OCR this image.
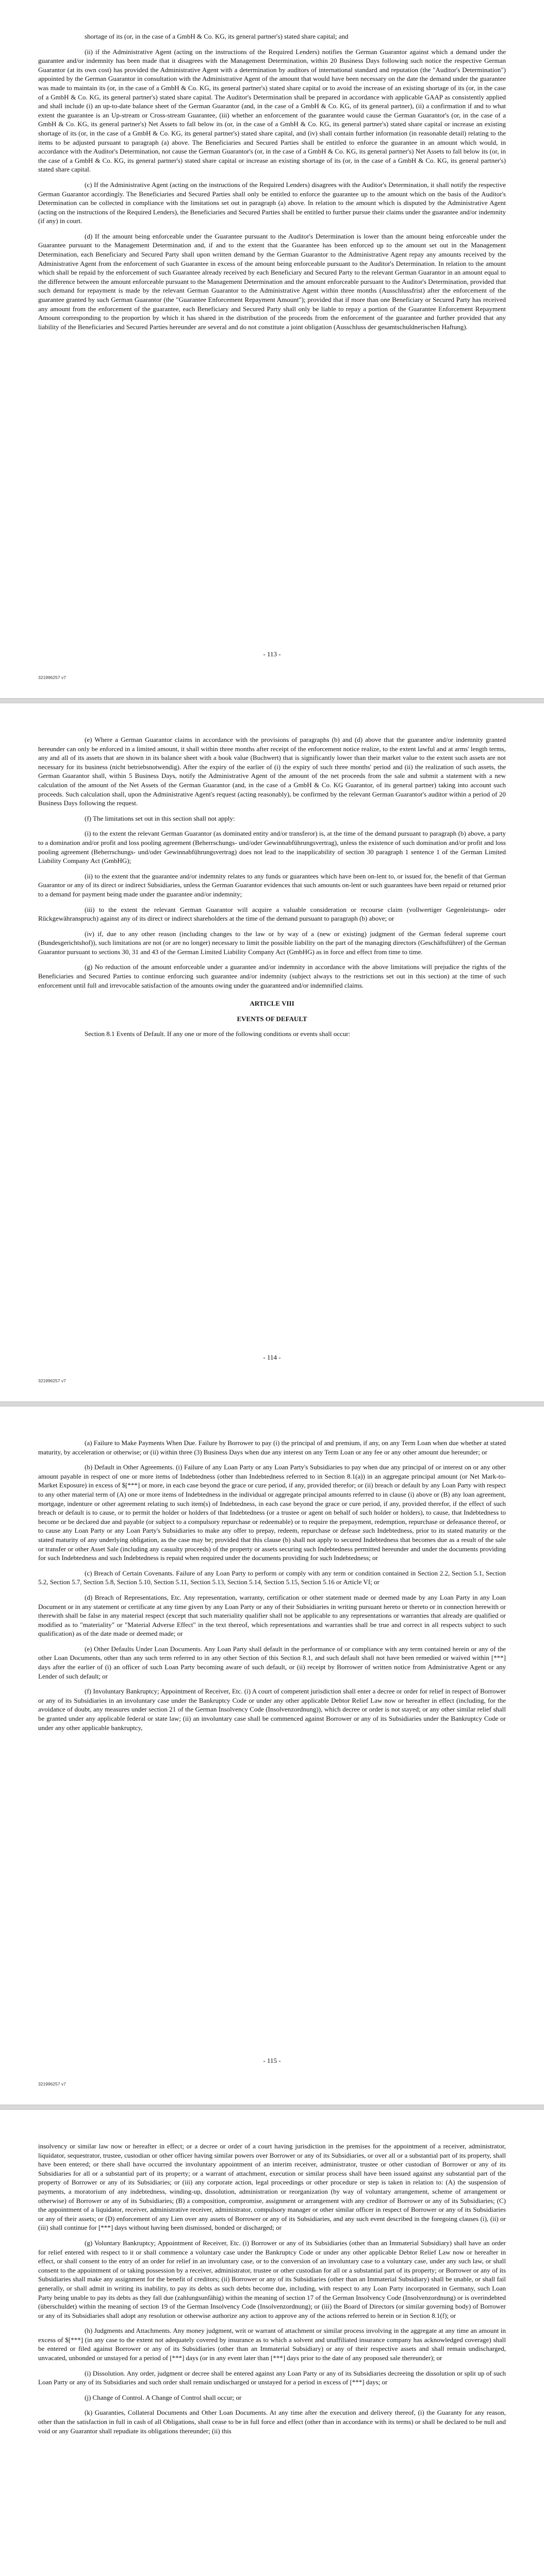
shortage of its (or, in the case of a GmbH & Co. KG, its general partner's) stated share capital; and

(ii) if the Administrative Agent (acting on the instructions of the Required Lenders) notifies the German Guarantor against which a demand under the guarantee and/or indemnity has been made that it disagrees with the Management Determination, within 20 Business Days following such notice the respective German Guarantor (at its own cost) has provided the Administrative Agent with a determination by auditors of international standard and reputation (the "Auditor's Determination") appointed by the German Guarantor in consultation with the Administrative Agent of the amount that would have been necessary on the date the demand under the guarantee was made to maintain its (or, in the case of a GmbH & Co. KG, its general partner's) stated share capital or to avoid the increase of an existing shortage of its (or, in the case of a GmbH & Co. KG, its general partner's) stated share capital. The Auditor's Determination shall be prepared in accordance with applicable GAAP as consistently applied and shall include (i) an up-to-date balance sheet of the German Guarantor (and, in the case of a GmbH & Co. KG, of its general partner), (ii) a confirmation if and to what extent the guarantee is an Up-stream or Cross-stream Guarantee, (iii) whether an enforcement of the guarantee would cause the German Guarantor's (or, in the case of a GmbH & Co. KG, its general partner's) Net Assets to fall below its (or, in the case of a GmbH & Co. KG, its general partner's) stated share capital or increase an existing shortage of its (or, in the case of a GmbH & Co. KG, its general partner's) stated share capital, and (iv) shall contain further information (in reasonable detail) relating to the items to be adjusted pursuant to paragraph (a) above. The Beneficiaries and Secured Parties shall be entitled to enforce the guarantee in an amount which would, in accordance with the Auditor's Determination, not cause the German Guarantor's (or, in the case of a GmbH & Co. KG, its general partner's) Net Assets to fall below its (or, in the case of a GmbH & Co. KG, its general partner's) stated share capital or increase an existing shortage of its (or, in the case of a GmbH & Co. KG, its general partner's) stated share capital.

(c) If the Administrative Agent (acting on the instructions of the Required Lenders) disagrees with the Auditor's Determination, it shall notify the respective German Guarantor accordingly. The Beneficiaries and Secured Parties shall only be entitled to enforce the guarantee up to the amount which on the basis of the Auditor's Determination can be collected in compliance with the limitations set out in paragraph (a) above. In relation to the amount which is disputed by the Administrative Agent (acting on the instructions of the Required Lenders), the Beneficiaries and Secured Parties shall be entitled to further pursue their claims under the guarantee and/or indemnity (if any) in court.

(d) If the amount being enforceable under the Guarantee pursuant to the Auditor's Determination is lower than the amount being enforceable under the Guarantee pursuant to the Management Determination and, if and to the extent that the Guarantee has been enforced up to the amount set out in the Management Determination, each Beneficiary and Secured Party shall upon written demand by the German Guarantor to the Administrative Agent repay any amounts received by the Administrative Agent from the enforcement of such Guarantee in excess of the amount being enforceable pursuant to the Auditor's Determination. In relation to the amount which shall be repaid by the enforcement of such Guarantee already received by each Beneficiary and Secured Party to the relevant German Guarantor in an amount equal to the difference between the amount enforceable pursuant to the Management Determination and the amount enforceable pursuant to the Auditor's Determination, provided that such demand for repayment is made by the relevant German Guarantor to the Administrative Agent within three months (Ausschlussfrist) after the enforcement of the guarantee granted by such German Guarantor (the "Guarantee Enforcement Repayment Amount"); provided that if more than one Beneficiary or Secured Party has received any amount from the enforcement of the guarantee, each Beneficiary and Secured Party shall only be liable to repay a portion of the Guarantee Enforcement Repayment Amount corresponding to the proportion by which it has shared in the distribution of the proceeds from the enforcement of the guarantee and further provided that any liability of the Beneficiaries and Secured Parties hereunder are several and do not constitute a joint obligation (Ausschluss der gesamtschuldnerischen Haftung).

- 113 -
321996257 v7

(e) Where a German Guarantor claims in accordance with the provisions of paragraphs (b) and (d) above that the guarantee and/or indemnity granted hereunder can only be enforced in a limited amount, it shall within three months after receipt of the enforcement notice realize, to the extent lawful and at arms' length terms, any and all of its assets that are shown in its balance sheet with a book value (Buchwert) that is significantly lower than their market value to the extent such assets are not necessary for its business (nicht betriebsnotwendig). After the expiry of the earlier of (i) the expiry of such three months' period and (ii) the realization of such assets, the German Guarantor shall, within 5 Business Days, notify the Administrative Agent of the amount of the net proceeds from the sale and submit a statement with a new calculation of the amount of the Net Assets of the German Guarantor (and, in the case of a GmbH & Co. KG Guarantor, of its general partner) taking into account such proceeds. Such calculation shall, upon the Administrative Agent's request (acting reasonably), be confirmed by the relevant German Guarantor's auditor within a period of 20 Business Days following the request.

(f) The limitations set out in this section shall not apply:

(i) to the extent the relevant German Guarantor (as dominated entity and/or transferor) is, at the time of the demand pursuant to paragraph (b) above, a party to a domination and/or profit and loss pooling agreement (Beherrschungs- und/oder Gewinnabführungsvertrag), unless the existence of such domination and/or profit and loss pooling agreement (Beherrschungs- und/oder Gewinnabführungsvertrag) does not lead to the inapplicability of section 30 paragraph 1 sentence 1 of the German Limited Liability Company Act (GmbHG);

(ii) to the extent that the guarantee and/or indemnity relates to any funds or guarantees which have been on-lent to, or issued for, the benefit of that German Guarantor or any of its direct or indirect Subsidiaries, unless the German Guarantor evidences that such amounts on-lent or such guarantees have been repaid or returned prior to a demand for payment being made under the guarantee and/or indemnity;

(iii) to the extent the relevant German Guarantor will acquire a valuable consideration or recourse claim (vollwertiger Gegenleistungs- oder Rückgewähranspruch) against any of its direct or indirect shareholders at the time of the demand pursuant to paragraph (b) above; or

(iv) if, due to any other reason (including changes to the law or by way of a (new or existing) judgment of the German federal supreme court (Bundesgerichtshof)), such limitations are not (or are no longer) necessary to limit the possible liability on the part of the managing directors (Geschäftsführer) of the German Guarantor pursuant to sections 30, 31 and 43 of the German Limited Liability Company Act (GmbHG) as in force and effect from time to time.

(g) No reduction of the amount enforceable under a guarantee and/or indemnity in accordance with the above limitations will prejudice the rights of the Beneficiaries and Secured Parties to continue enforcing such guarantee and/or indemnity (subject always to the restrictions set out in this section) at the time of such enforcement until full and irrevocable satisfaction of the amounts owing under the guaranteed and/or indemnified claims.

ARTICLE VIII

EVENTS OF DEFAULT

Section 8.1 Events of Default. If any one or more of the following conditions or events shall occur:

- 114 -
321996257 v7

(a) Failure to Make Payments When Due. Failure by Borrower to pay (i) the principal of and premium, if any, on any Term Loan when due whether at stated maturity, by acceleration or otherwise; or (ii) within three (3) Business Days when due any interest on any Term Loan or any fee or any other amount due hereunder; or

(b) Default in Other Agreements. (i) Failure of any Loan Party or any Loan Party's Subsidiaries to pay when due any principal of or interest on or any other amount payable in respect of one or more items of Indebtedness (other than Indebtedness referred to in Section 8.1(a)) in an aggregate principal amount (or Net Mark-to-Market Exposure) in excess of $[***] or more, in each case beyond the grace or cure period, if any, provided therefor; or (ii) breach or default by any Loan Party with respect to any other material term of (A) one or more items of Indebtedness in the individual or aggregate principal amounts referred to in clause (i) above or (B) any loan agreement, mortgage, indenture or other agreement relating to such item(s) of Indebtedness, in each case beyond the grace or cure period, if any, provided therefor, if the effect of such breach or default is to cause, or to permit the holder or holders of that Indebtedness (or a trustee or agent on behalf of such holder or holders), to cause, that Indebtedness to become or be declared due and payable (or subject to a compulsory repurchase or redeemable) or to require the prepayment, redemption, repurchase or defeasance thereof, or to cause any Loan Party or any Loan Party's Subsidiaries to make any offer to prepay, redeem, repurchase or defease such Indebtedness, prior to its stated maturity or the stated maturity of any underlying obligation, as the case may be; provided that this clause (b) shall not apply to secured Indebtedness that becomes due as a result of the sale or transfer or other Asset Sale (including any casualty proceeds) of the property or assets securing such Indebtedness permitted hereunder and under the documents providing for such Indebtedness and such Indebtedness is repaid when required under the documents providing for such Indebtedness; or

(c) Breach of Certain Covenants. Failure of any Loan Party to perform or comply with any term or condition contained in Section 2.2, Section 5.1, Section 5.2, Section 5.7, Section 5.8, Section 5.10, Section 5.11, Section 5.13, Section 5.14, Section 5.15, Section 5.16 or Article VI; or

(d) Breach of Representations, Etc. Any representation, warranty, certification or other statement made or deemed made by any Loan Party in any Loan Document or in any statement or certificate at any time given by any Loan Party or any of their Subsidiaries in writing pursuant hereto or thereto or in connection herewith or therewith shall be false in any material respect (except that such materiality qualifier shall not be applicable to any representations or warranties that already are qualified or modified as to "materiality" or "Material Adverse Effect" in the text thereof, which representations and warranties shall be true and correct in all respects subject to such qualification) as of the date made or deemed made; or

(e) Other Defaults Under Loan Documents. Any Loan Party shall default in the performance of or compliance with any term contained herein or any of the other Loan Documents, other than any such term referred to in any other Section of this Section 8.1, and such default shall not have been remedied or waived within [***] days after the earlier of (i) an officer of such Loan Party becoming aware of such default, or (ii) receipt by Borrower of written notice from Administrative Agent or any Lender of such default; or

(f) Involuntary Bankruptcy; Appointment of Receiver, Etc. (i) A court of competent jurisdiction shall enter a decree or order for relief in respect of Borrower or any of its Subsidiaries in an involuntary case under the Bankruptcy Code or under any other applicable Debtor Relief Law now or hereafter in effect (including, for the avoidance of doubt, any measures under section 21 of the German Insolvency Code (Insolvenzordnung)), which decree or order is not stayed; or any other similar relief shall be granted under any applicable federal or state law; (ii) an involuntary case shall be commenced against Borrower or any of its Subsidiaries under the Bankruptcy Code or under any other applicable bankruptcy,

- 115 -
321996257 v7

insolvency or similar law now or hereafter in effect; or a decree or order of a court having jurisdiction in the premises for the appointment of a receiver, administrator, liquidator, sequestrator, trustee, custodian or other officer having similar powers over Borrower or any of its Subsidiaries, or over all or a substantial part of its property, shall have been entered; or there shall have occurred the involuntary appointment of an interim receiver, administrator, trustee or other custodian of Borrower or any of its Subsidiaries for all or a substantial part of its property; or a warrant of attachment, execution or similar process shall have been issued against any substantial part of the property of Borrower or any of its Subsidiaries; or (iii) any corporate action, legal proceedings or other procedure or step is taken in relation to: (A) the suspension of payments, a moratorium of any indebtedness, winding-up, dissolution, administration or reorganization (by way of voluntary arrangement, scheme of arrangement or otherwise) of Borrower or any of its Subsidiaries; (B) a composition, compromise, assignment or arrangement with any creditor of Borrower or any of its Subsidiaries; (C) the appointment of a liquidator, receiver, administrative receiver, administrator, compulsory manager or other similar officer in respect of Borrower or any of its Subsidiaries or any of their assets; or (D) enforcement of any Lien over any assets of Borrower or any of its Subsidiaries, and any such event described in the foregoing clauses (i), (ii) or (iii) shall continue for [***] days without having been dismissed, bonded or discharged; or

(g) Voluntary Bankruptcy; Appointment of Receiver, Etc. (i) Borrower or any of its Subsidiaries (other than an Immaterial Subsidiary) shall have an order for relief entered with respect to it or shall commence a voluntary case under the Bankruptcy Code or under any other applicable Debtor Relief Law now or hereafter in effect, or shall consent to the entry of an order for relief in an involuntary case, or to the conversion of an involuntary case to a voluntary case, under any such law, or shall consent to the appointment of or taking possession by a receiver, administrator, trustee or other custodian for all or a substantial part of its property; or Borrower or any of its Subsidiaries shall make any assignment for the benefit of creditors; (ii) Borrower or any of its Subsidiaries (other than an Immaterial Subsidiary) shall be unable, or shall fail generally, or shall admit in writing its inability, to pay its debts as such debts become due, including, with respect to any Loan Party incorporated in Germany, such Loan Party being unable to pay its debts as they fall due (zahlungsunfähig) within the meaning of section 17 of the German Insolvency Code (Insolvenzordnung) or is overindebted (überschuldet) within the meaning of section 19 of the German Insolvency Code (Insolvenzordnung); or (iii) the Board of Directors (or similar governing body) of Borrower or any of its Subsidiaries shall adopt any resolution or otherwise authorize any action to approve any of the actions referred to herein or in Section 8.1(f); or

(h) Judgments and Attachments. Any money judgment, writ or warrant of attachment or similar process involving in the aggregate at any time an amount in excess of $[***] (in any case to the extent not adequately covered by insurance as to which a solvent and unaffiliated insurance company has acknowledged coverage) shall be entered or filed against Borrower or any of its Subsidiaries (other than an Immaterial Subsidiary) or any of their respective assets and shall remain undischarged, unvacated, unbonded or unstayed for a period of [***] days (or in any event later than [***] days prior to the date of any proposed sale thereunder); or

(i) Dissolution. Any order, judgment or decree shall be entered against any Loan Party or any of its Subsidiaries decreeing the dissolution or split up of such Loan Party or any of its Subsidiaries and such order shall remain undischarged or unstayed for a period in excess of [***] days; or

(j) Change of Control. A Change of Control shall occur; or

(k) Guaranties, Collateral Documents and Other Loan Documents. At any time after the execution and delivery thereof, (i) the Guaranty for any reason, other than the satisfaction in full in cash of all Obligations, shall cease to be in full force and effect (other than in accordance with its terms) or shall be declared to be null and void or any Guarantor shall repudiate its obligations thereunder; (ii) this
